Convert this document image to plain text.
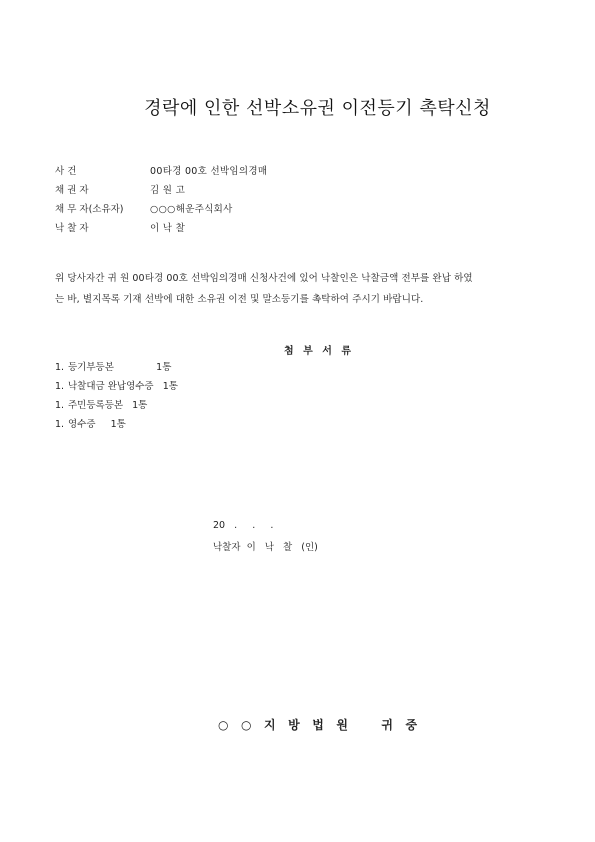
경락에 인한 선박소유권 이전등기 촉탁신청
사 건	00타경 00호 선박임의경매
채 권 자	김 원 고
채 무 자(소유자)	○○○해운주식회사
낙 찰 자	이 낙 찰
위 당사자간 귀 원 00타경 00호 선박임의경매 신청사건에 있어 낙찰인은 낙찰금액 전부를 완납 하였
는 바, 별지목록 기재 선박에 대한 소유권 이전 및 말소등기를 촉탁하여 주시기 바랍니다.
첨 부 서 류
1. 등기부등본 1통
1. 낙찰대금 완납영수증 1통
1. 주민등록등본 1통
1. 영수증 1통
20   .     .     .
낙찰자  이   낙   찰   (인)
○   ○   지   방   법   원        귀   중
